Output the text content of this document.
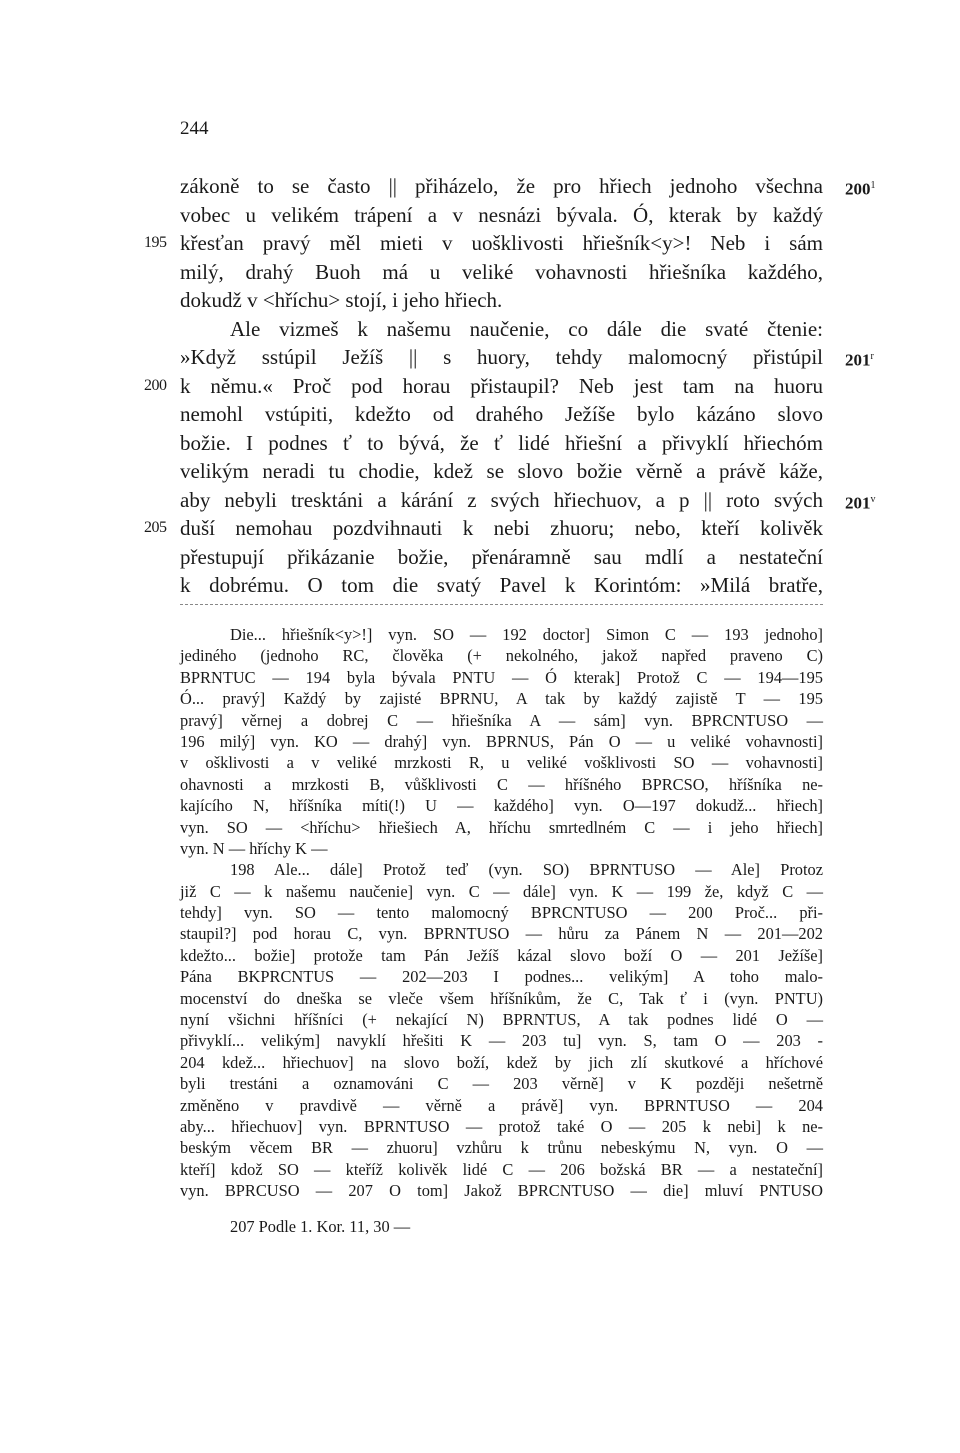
244
zákoně to se často || přiházelo, že pro hřiech jednoho všechna $200^1$
vobec u velikém trápení a v nesnázi bývala. Ó, kterak by každý
křesťan pravý měl mieti v uošklivosti hřiešník<y>! Neb i sám
195
milý, drahý Buoh má u veliké vohavnosti hřiešníka každého,
dokudž v <hříchu> stojí, i jeho hřiech.
Ale vizmeš k našemu naučenie, co dále die svaté čtenie:
»Když sstúpil Ježíš || s huory, tehdy malomocný přistúpil 201$^r$
k němu.« Proč pod horau přistaupil? Neb jest tam na huoru
200
nemohl vstúpiti, kdežto od drahého Ježíše bylo kázáno slovo
božie. I podnes ť to bývá, že ť lidé hřiešní a přivyklí hřiechóm
velikým neradi tu chodie, kdež se slovo božie věrně a právě káže,
aby nebyli tresktáni a kárání z svých hřiechuov, a p || roto svých 201$^v$
duší nemohau pozdvihnauti k nebi zhuoru; nebo, kteří kolivěk
205
přestupují přikázanie božie, přenáramně sau mdlí a nestateční
k dobrému. O tom die svatý Pavel k Korintóm: »Milá bratře,
Die... hřiešník<y>!] vyn. SO — 192 doctor] Simon C — 193 jednoho]
jediného (jednoho RC, člověka (+ nekolného, jakož napřed praveno C)
BPRNTUC — 194 byla bývala PNTU — Ó kterak] Protož C — 194—195
Ó... pravý] Každý by zajisté BPRNU, A tak by každý zajistě T — 195
pravý] věrnej a dobrej C — hřiešníka A — sám] vyn. BPRCNTUSO —
196 milý] vyn. KO — drahý] vyn. BPRNUS, Pán O — u veliké vohavnosti]
v ošklivosti a v veliké mrzkosti R, u veliké vošklivosti SO — vohavnosti]
ohavnosti a mrzkosti B, vůšklivosti C — hříšného BPRCSO, hříšníka ne-
kajícího N, hříšníka míti(!) U — každého] vyn. O—197 dokudž... hřiech]
vyn. SO — <hříchu> hřiešiech A, hříchu smrtedlném C — i jeho hřiech]
vyn. N — hříchy K —
198 Ale... dále] Protož teď (vyn. SO) BPRNTUSO — Ale] Protoz
již C — k našemu naučenie] vyn. C — dále] vyn. K — 199 že, když C —
tehdy] vyn. SO — tento malomocný BPRCNTUSO — 200 Proč... při-
staupil?] pod horau C, vyn. BPRNTUSO — hůru za Pánem N — 201—202
kdežto... božie] protože tam Pán Ježíš kázal slovo boží O — 201 Ježíše]
Pána BKPRCNTUS — 202—203 I podnes... velikým] A toho malo-
mocenství do dneška se vleče všem hříšníkům, že C, Tak ť i (vyn. PNTU)
nyní všichni hříšníci (+ nekající N) BPRNTUS, A tak podnes lidé O —
přivyklí... velikým] navyklí hřešiti K — 203 tu] vyn. S, tam O — 203 -
204 kdež... hřiechuov] na slovo boží, kdež by jich zlí skutkové a hříchové
byli trestáni a oznamováni C — 203 věrně] v K později nešetrně
změněno v pravdivě — věrně a právě] vyn. BPRNTUSO — 204
aby... hřiechuov] vyn. BPRNTUSO — protož také O — 205 k nebi] k ne-
beským věcem BR — zhuoru] vzhůru k trůnu nebeskýmu N, vyn. O —
kteří] kdož SO — kteříž kolivěk lidé C — 206 božská BR — a nestateční]
vyn. BPRCUSO — 207 O tom] Jakož BPRCNTUSO — die] mluví PNTUSO
207 Podle 1. Kor. 11, 30 —
